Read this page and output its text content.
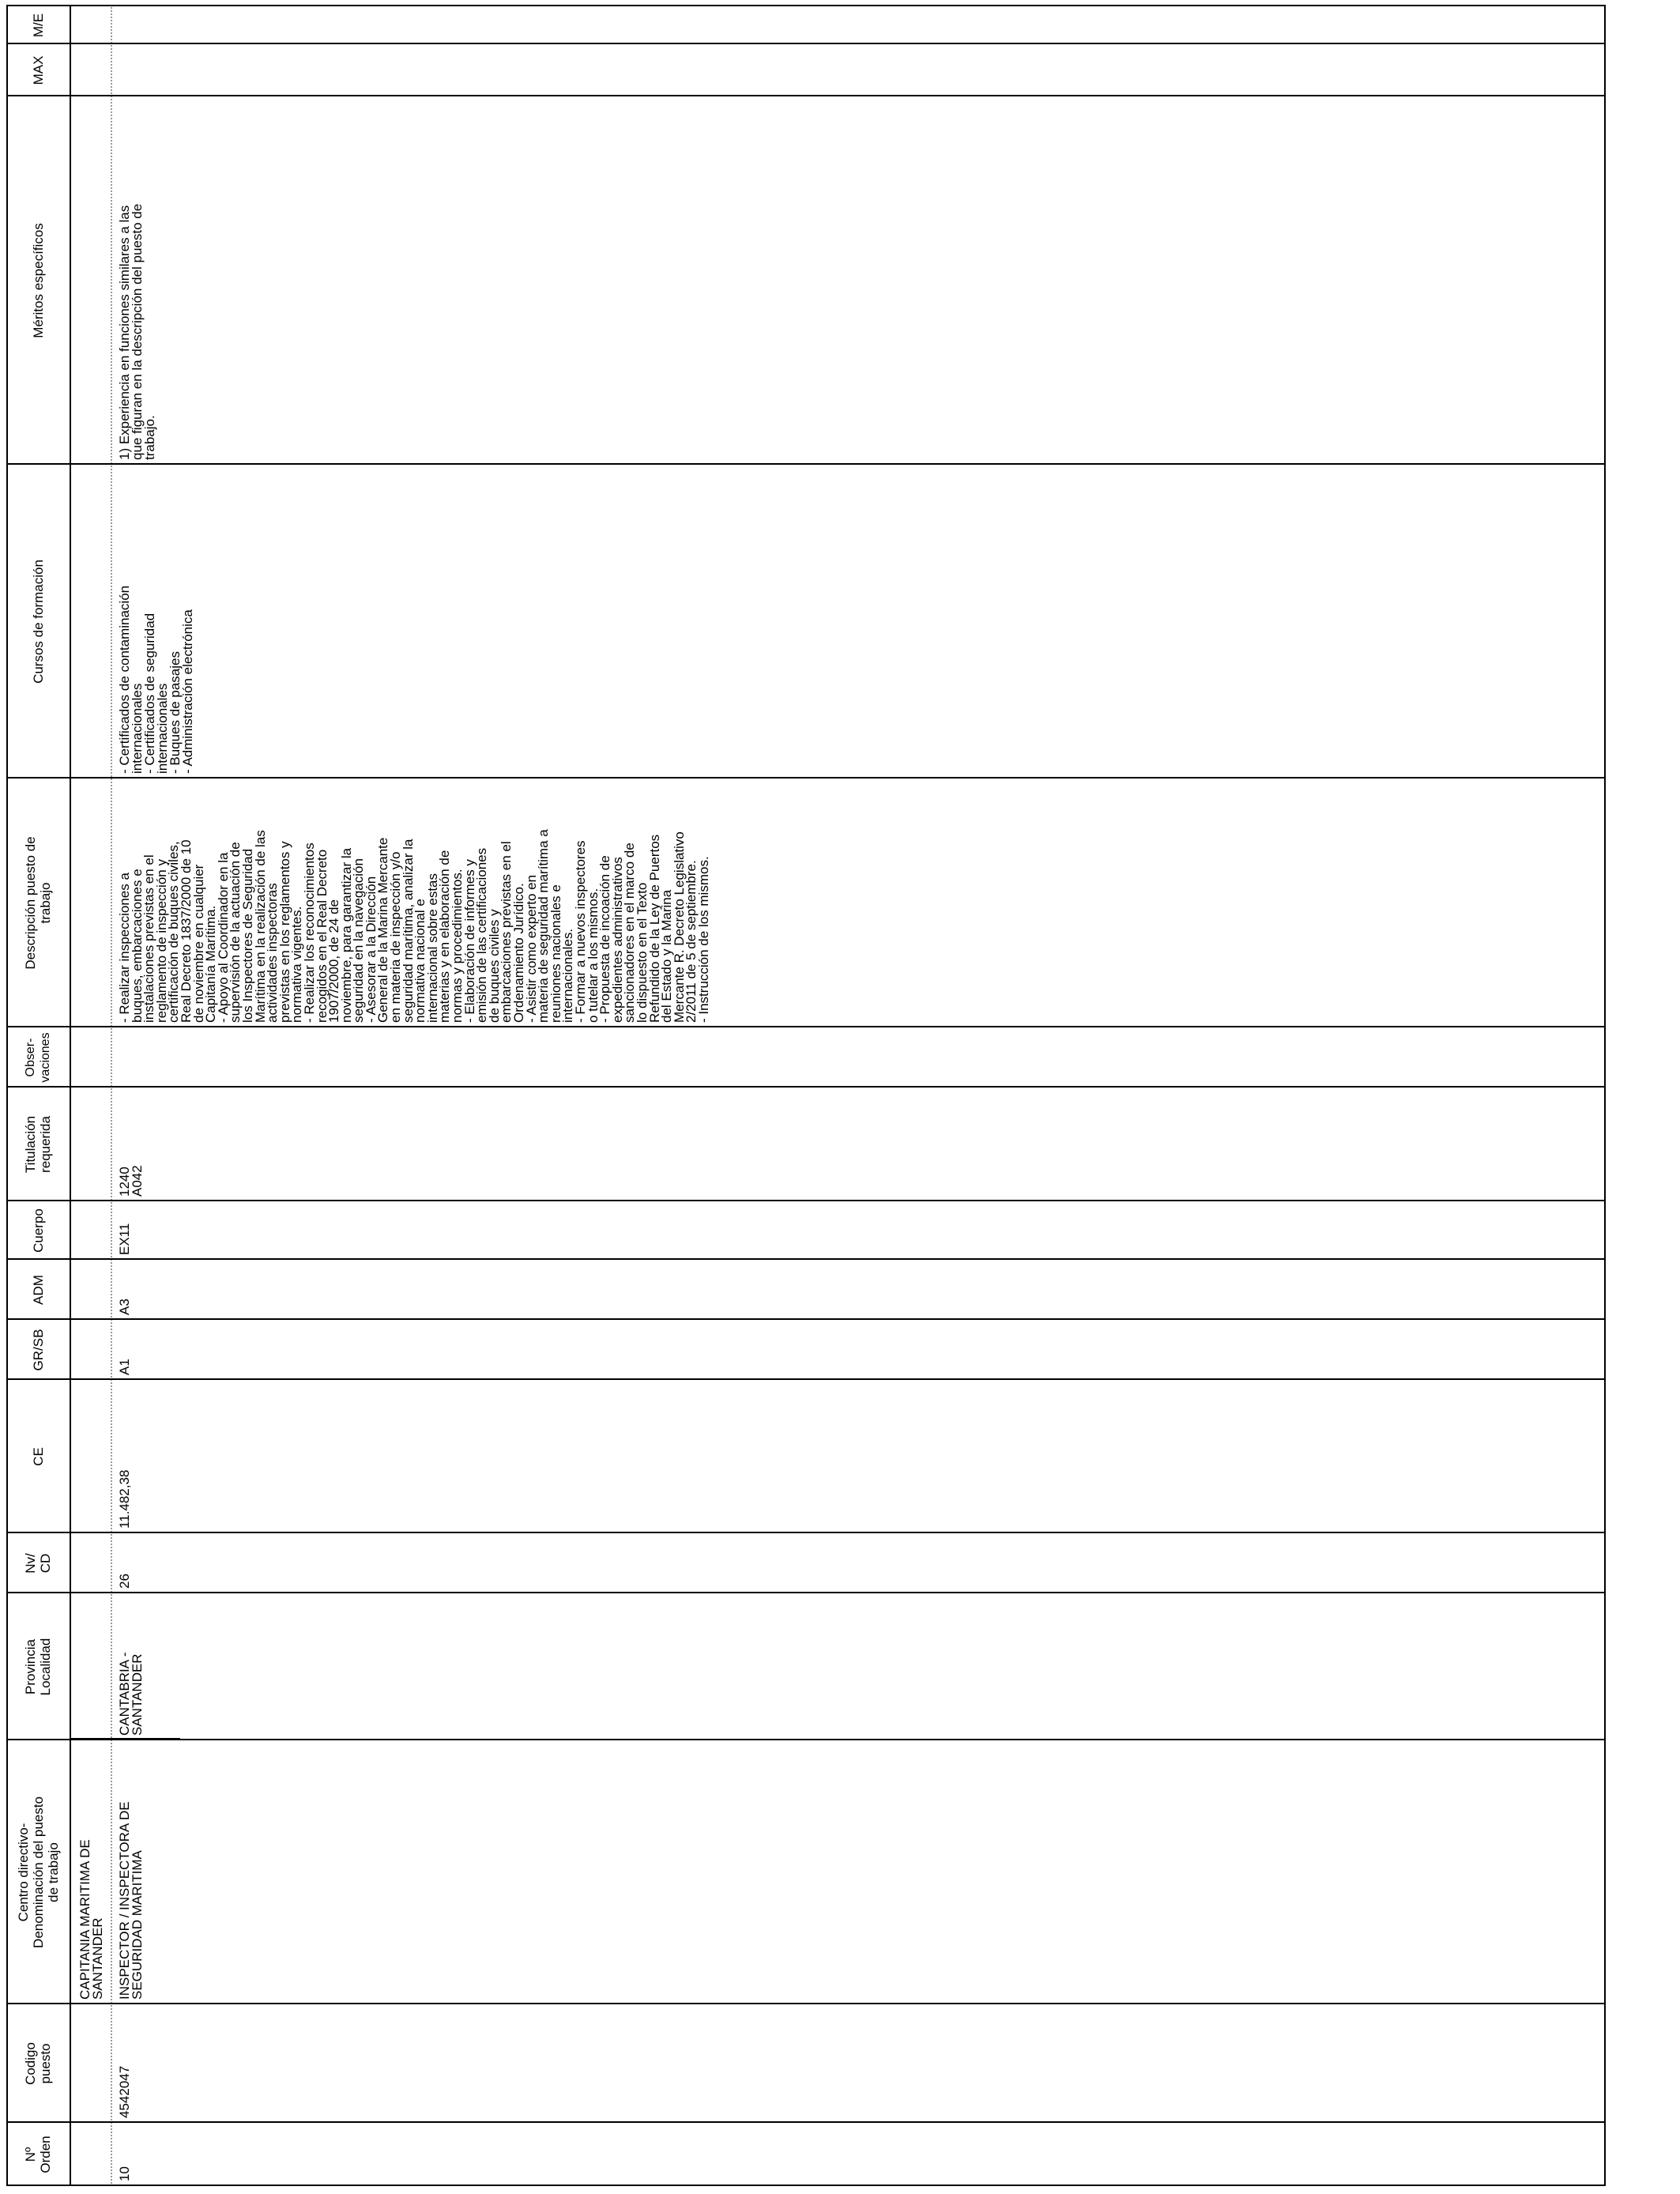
Nº Orden
Codigo puesto
Centro directivo- Denominación del puesto de trabajo
Provincia Localidad
Nv/ CD
CE
GR/SB
ADM
Cuerpo
Titulación requerida
Obser- vaciones
Descripción puesto de trabajo
Cursos de formación
Méritos específicos
MAX
M/E
CAPITANIA MARITIMA DE
SANTANDER
10
4542047
INSPECTOR / INSPECTORA DE
SEGURIDAD MARITIMA
CANTABRIA -
SANTANDER
26
11.482,38
A1
A3
EX11
1240
A042
- Realizar inspecciones a
buques, embarcaciones e
instalaciones previstas en el
reglamento de inspección y
certificación de buques civiles,
Real Decreto 1837/2000 de 10
de noviembre en cualquier
Capitanía Marítima.
- Apoyo al Coordinador en la
supervisión de la actuación de
los Inspectores de Seguridad
Marítima en la realización de las
actividades inspectoras
previstas en los reglamentos y
normativa vigentes.
- Realizar los reconocimientos
recogidos en el Real Decreto
1907/2000, de 24 de
noviembre, para garantizar la
seguridad en la navegación
- Asesorar a la Dirección
General de la Marina Mercante
en materia de inspección y/o
seguridad marítima, analizar la
normativa nacional e
internacional sobre estas
materias y en elaboración de
normas y procedimientos.
- Elaboración de informes y
emisión de las certificaciones
de buques civiles y
embarcaciones previstas en el
Ordenamiento Jurídico.
- Asistir como experto en
materia de seguridad marítima a
reuniones nacionales e
internacionales.
- Formar a nuevos inspectores
o tutelar a los mismos.
- Propuesta de incoación de
expedientes administrativos
sancionadores en el marco de
lo dispuesto en el Texto
Refundido de la Ley de Puertos
del Estado y la Marina
Mercante R. Decreto Legislativo
2/2011 de 5 de septiembre.
- Instrucción de los mismos.
- Certificados de contaminación
internacionales
- Certificados de seguridad
internacionales
- Buques de pasajes
- Administración electrónica
1) Experiencia en funciones similares a las
que figuran en la descripción del puesto de
trabajo.
